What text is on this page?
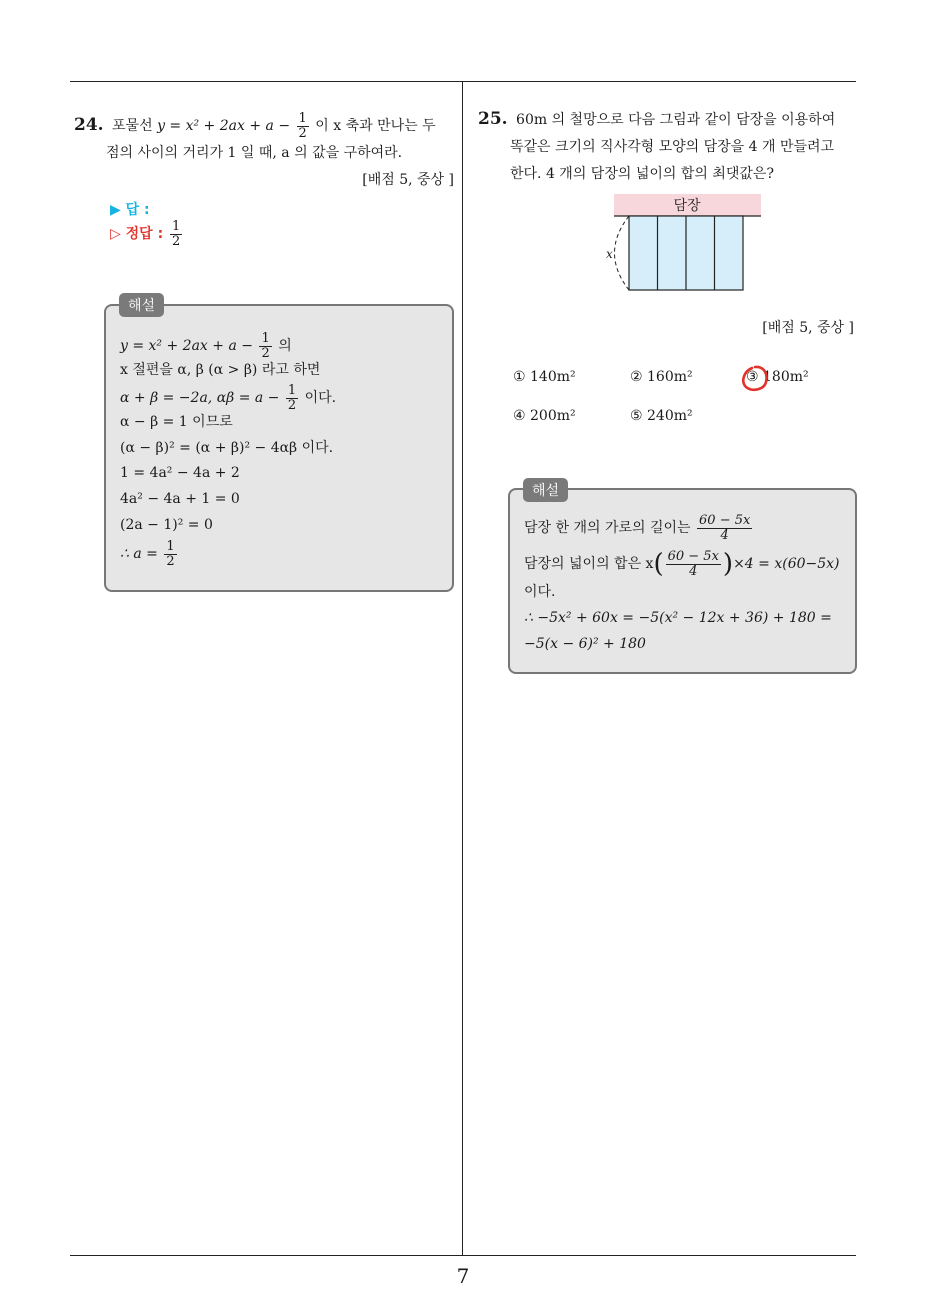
7
24. 포물선 $y = x^2 + 2ax + a - \frac{1}{2}$ 이 x 축과 만나는 두
점의 사이의 거리가 1 일 때, a 의 값을 구하여라.
[배점 5, 중상 ]
▶ 답 :
▷ 정답 : $\frac{1}{2}$
$y = x^2 + 2ax + a - \frac{1}{2}$ 의
x 절편을 α, β (α > β) 라고 하면
α + β = −2a, $\alpha\beta = a - \frac{1}{2}$ 이다.
α − β = 1 이므로
(α − β)² = (α + β)² − 4αβ 이다.
1 = 4a² − 4a + 2
4a² − 4a + 1 = 0
(2a − 1)² = 0
∴ $a = \frac{1}{2}$
해설
25. 60m 의 철망으로 다음 그림과 같이 담장을 이용하여
똑같은 크기의 직사각형 모양의 담장을 4 개 만들려고
한다. 4 개의 담장의 넓이의 합의 최댓값은?
담장
x
[배점 5, 중상 ]
① 140m²	② 160m²	③ 180m²
④ 200m²	⑤ 240m²
담장 한 개의 가로의 길이는 $\frac{60 - 5x}{4}$
담장의 넓이의 합은 $x( \frac{60 - 5x}{4} )\times 4 = x(60-5x)$
이다.
∴ −5x² + 60x = −5(x² − 12x + 36) + 180 =
−5(x − 6)² + 180
해설
